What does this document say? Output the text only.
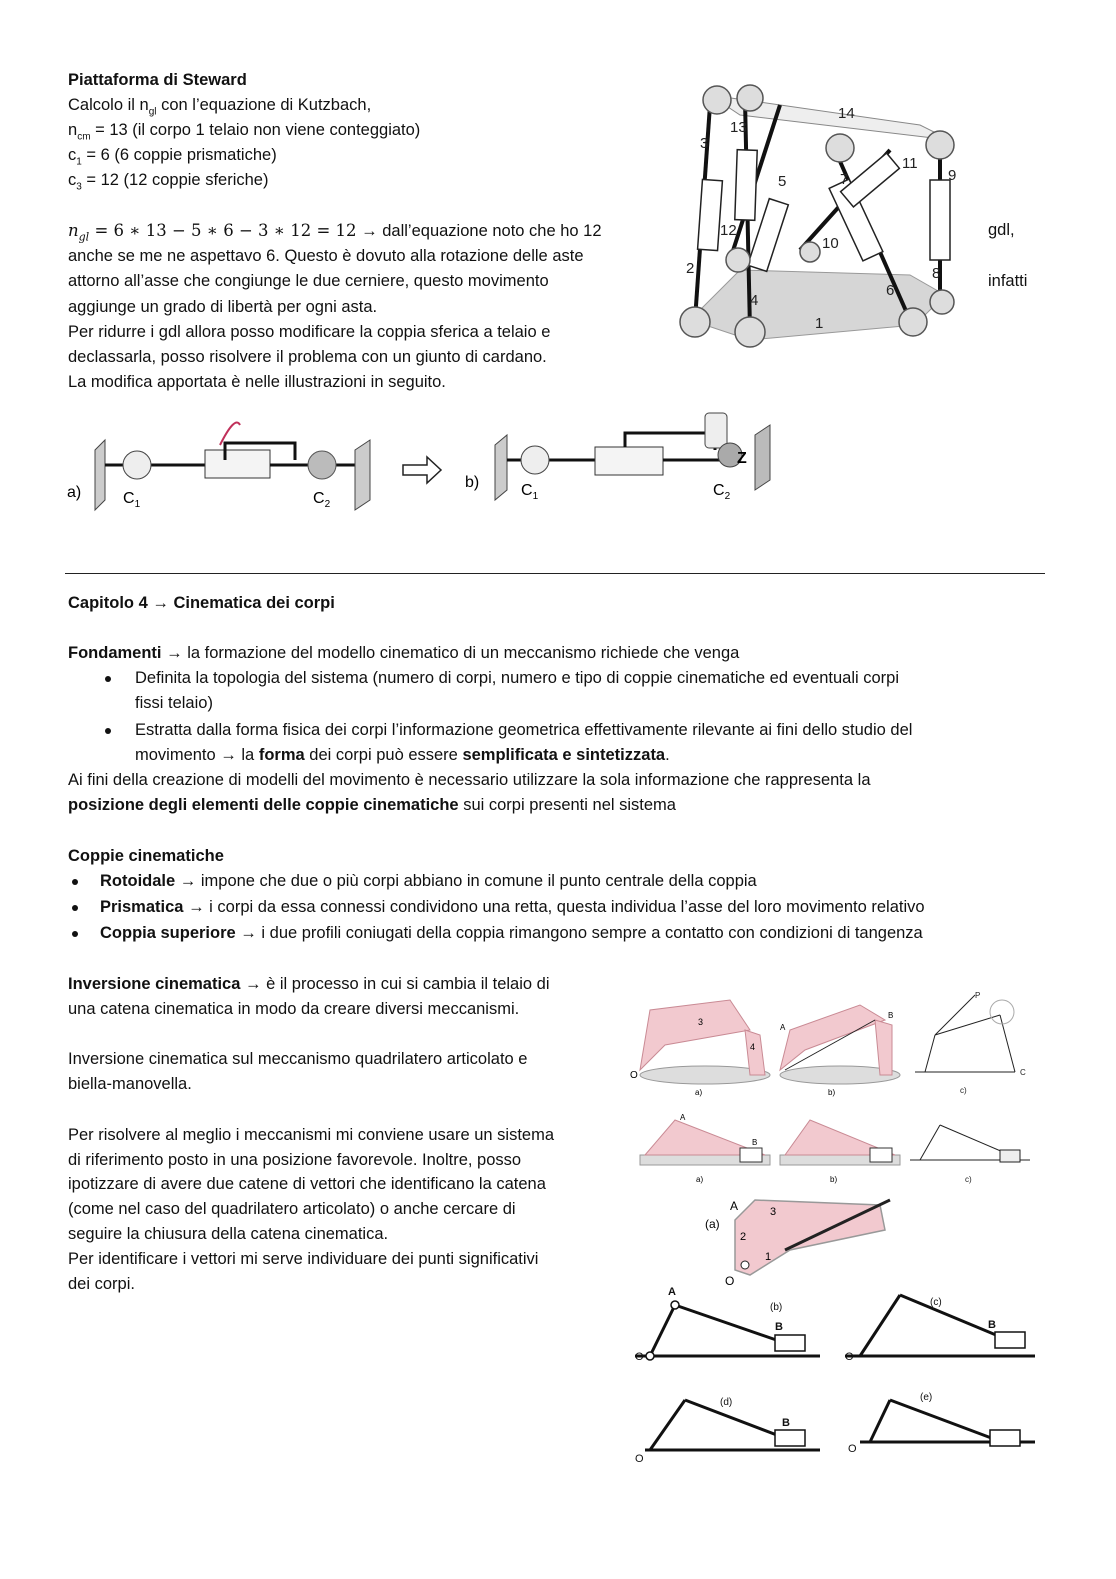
Piattaforma di Steward
Calcolo il $n_{gl}$ con l’equazione di Kutzbach,
$n_{cm} = 13$ (il corpo 1 telaio non viene conteggiato)
$c_1 = 6$ (6 coppie prismatiche)
$c_3 = 12$ (12 coppie sferiche)
$n_{gl} = 6$ ∗ 13 − 5 ∗ 6 − 3 ∗ 12 = 12 → dall’equazione noto che ho 12	gdl,
anche se me ne aspettavo 6. Questo è dovuto alla rotazione delle aste
attorno all’asse che congiunge le due cerniere, questo movimento	infatti
aggiunge un grado di libertà per ogni asta.
Per ridurre i gdl allora posso modificare la coppia sferica a telaio e
declassarla, posso risolvere il problema con un giunto di cardano.
La modifica apportata è nelle illustrazioni in seguito.
14
13
3
11
9
5	7
12
10
2
4
6
8
1
a)	$C_1$	$C_2$
b)
Z
$C_1$	$C_2$
Capitolo 4 → Cinematica dei corpi
Fondamenti → la formazione del modello cinematico di un meccanismo richiede che venga
Definita la topologia del sistema (numero di corpi, numero e tipo di coppie cinematiche ed eventuali corpi
fissi telaio)
Estratta dalla forma fisica dei corpi l’informazione geometrica effettivamente rilevante ai fini dello studio del
movimento → la forma dei corpi può essere semplificata e sintetizzata.
Ai fini della creazione di modelli del movimento è necessario utilizzare la sola informazione che rappresenta la
posizione degli elementi delle coppie cinematiche sui corpi presenti nel sistema
Coppie cinematiche
Rotoidale → impone che due o più corpi abbiano in comune il punto centrale della coppia
Prismatica → i corpi da essa connessi condividono una retta, questa individua l’asse del loro movimento relativo
Coppia superiore → i due profili coniugati della coppia rimangono sempre a contatto con condizioni di tangenza
Inversione cinematica → è il processo in cui si cambia il telaio di
una catena cinematica in modo da creare diversi meccanismi.
Inversione cinematica sul meccanismo quadrilatero articolato e
biella-manovella.
Per risolvere al meglio i meccanismi mi conviene usare un sistema
di riferimento posto in una posizione favorevole. Inoltre, posso
ipotizzare di avere due catene di vettori che identificano la catena
(come nel caso del quadrilatero articolato) o anche cercare di
seguire la chiusura della catena cinematica.
Per identificare i vettori mi serve individuare dei punti significativi
dei corpi.
a)
O
3
4
b)
A
B
c)
P
C
a)
A
B
b)	c)
(a)
A
O
3
1
2
(b)
A
B
O
(c)
B
O
(d)
B
O
(e)
O
